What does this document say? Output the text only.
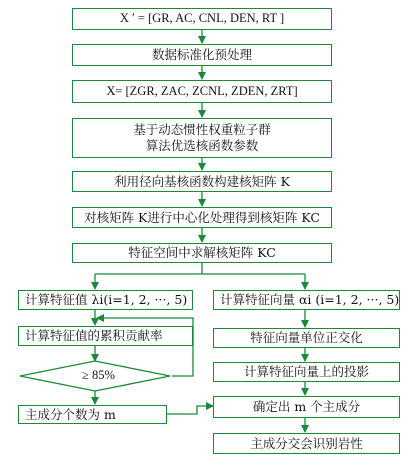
X ′ = [GR, AC, CNL, DEN, RT ]
数据标准化预处理
X= [ZGR, ZAC, ZCNL, ZDEN, ZRT]
基于动态惯性权重粒子群
算法优选核函数参数
利用径向基核函数构建核矩阵 K
对核矩阵 K进行中心化处理得到核矩阵 KC
特征空间中求解核矩阵 KC
计算特征值 λi(i=1, 2, ···, 5)
计算特征值的累积贡献率
≥ 85%
主成分个数为 m
计算特征向量 αi (i=1, 2, ···, 5)
特征向量单位正交化
计算特征向量上的投影
确定出 m 个主成分
主成分交会识别岩性
